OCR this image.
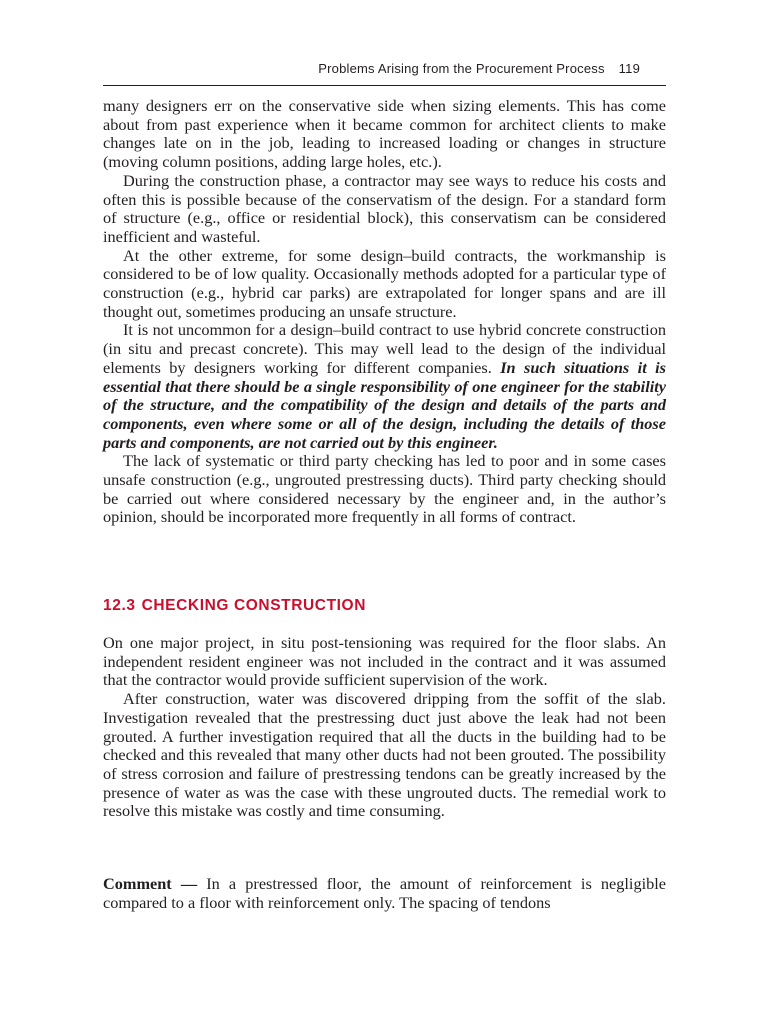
Problems Arising from the Procurement Process 119

many designers err on the conservative side when sizing elements. This has come about from past experience when it became common for architect clients to make changes late on in the job, leading to increased loading or changes in structure (moving column positions, adding large holes, etc.).

During the construction phase, a contractor may see ways to reduce his costs and often this is possible because of the conservatism of the design. For a standard form of structure (e.g., office or residential block), this conservatism can be considered inefficient and wasteful.

At the other extreme, for some design–build contracts, the workmanship is considered to be of low quality. Occasionally methods adopted for a particular type of construction (e.g., hybrid car parks) are extrapolated for longer spans and are ill thought out, sometimes producing an unsafe structure.

It is not uncommon for a design–build contract to use hybrid concrete construction (in situ and precast concrete). This may well lead to the design of the individual elements by designers working for different companies. In such situations it is essential that there should be a single responsibility of one engineer for the stability of the structure, and the compatibility of the design and details of the parts and components, even where some or all of the design, including the details of those parts and components, are not carried out by this engineer.

The lack of systematic or third party checking has led to poor and in some cases unsafe construction (e.g., ungrouted prestressing ducts). Third party checking should be carried out where considered necessary by the engineer and, in the author’s opinion, should be incorporated more frequently in all forms of contract.

12.3 CHECKING CONSTRUCTION

On one major project, in situ post-tensioning was required for the floor slabs. An independent resident engineer was not included in the contract and it was assumed that the contractor would provide sufficient supervision of the work.

After construction, water was discovered dripping from the soffit of the slab. Investigation revealed that the prestressing duct just above the leak had not been grouted. A further investigation required that all the ducts in the building had to be checked and this revealed that many other ducts had not been grouted. The possibility of stress corrosion and failure of prestressing tendons can be greatly increased by the presence of water as was the case with these ungrouted ducts. The remedial work to resolve this mistake was costly and time consuming.

Comment — In a prestressed floor, the amount of reinforcement is negligible compared to a floor with reinforcement only. The spacing of tendons
